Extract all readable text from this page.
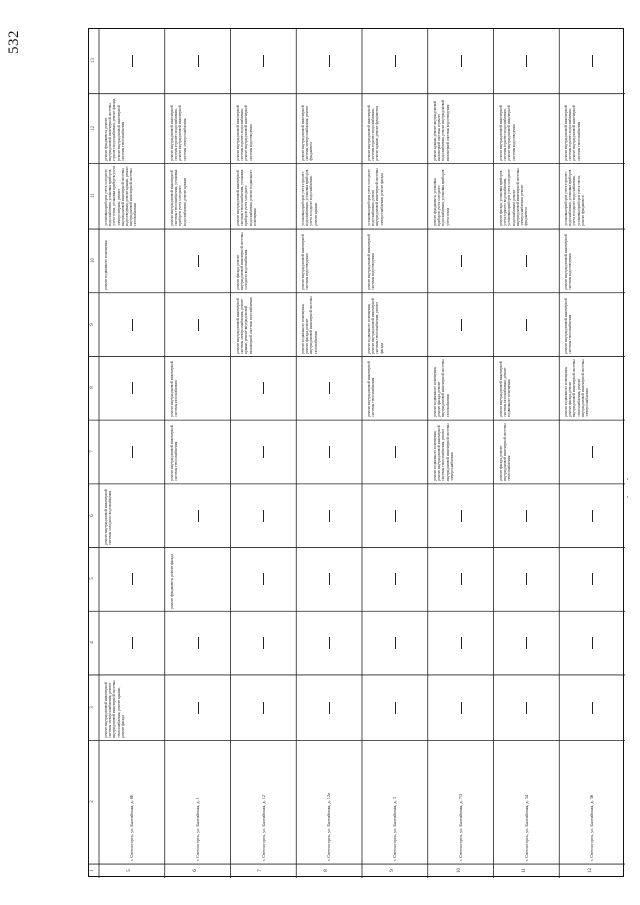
532
1
2
3
4
5
6
7
8
9
10
11
12
13
5
г. Светлогорск, ул. Балтийская, д. 8Е
ремонт внутридомовой инженерной системы электроснабжения, ремонт внутридомовой инженерной системы теплоснабжения, ремонт крыши, ремонт фасада
ремонт внутридомовой инженерной системы холодного водоснабжения
ремонт подвального помещения
установка приборов учета холодного водоснабжения, установка приборов учета тепла, установка приборов учета электроэнергии, ремонт внутридомовой инженерной системы водоотведения, ремонт крыши, ремонт внутридомовой инженерной системы газоснабжения
ремонт фундамента, ремонт внутридомовой инженерной системы горячего водоснабжения, ремонт фасада, ремонт внутридомовой инженерной системы теплоснабжения
6
г. Светлогорск, ул. Балтийская, д. 1
ремонт фундамента, ремонт фасада
ремонт внутридомовой инженерной системы теплоснабжения
ремонт внутридомовой инженерной системы газоснабжения
ремонт внутридомовой инженерной системы теплоснабжения, установка приборов учета холодного водоснабжения, ремонт крыши
ремонт внутридомовой инженерной системы горячего водоснабжения, ремонт внутридомовой инженерной системы электроснабжения
7
г. Светлогорск, ул. Балтийская, д. 12
ремонт внутридомовой инженерной системы электроснабжения, ремонт крыши, ремонт внутридомовой инженерной системы газоснабжения
ремонт фасада, ремонт внутридомовой инженерной системы холодного водоснабжения
ремонт внутридомовой инженерной системы теплоснабжения, установка приборов учета холодного водоснабжения, ремонт подвального помещения
ремонт внутридомовой инженерной системы горячего водоснабжения, ремонт внутридомовой инженерной системы водоотведения
8
г. Светлогорск, ул. Балтийская, д. 12а
ремонт подвального помещения, ремонт фасада, ремонт внутридомовой инженерной системы газоснабжения
ремонт внутридомовой инженерной системы водоотведения
установка приборов учета горячего водоснабжения, установка приборов учета холодного водоснабжения, ремонт крыши
ремонт внутридомовой инженерной системы электроснабжения, ремонт фундамента
9
г. Светлогорск, ул. Балтийская, д. 3
ремонт внутридомовой инженерной системы теплоснабжения
ремонт подвального помещения, ремонт внутридомовой инженерной системы теплоснабжения, ремонт фасада
ремонт внутридомовой инженерной системы водоотведения
установка приборов учета холодного водоснабжения, ремонт внутридомовой инженерной системы электроснабжения, ремонт фасада
ремонт внутридомовой инженерной системы горячего водоснабжения, ремонт крыши, ремонт фундамента
10
г. Светлогорск, ул. Балтийская, д. 7/2
ремонт подвального помещения, ремонт внутридомовой инженерной системы теплоснабжения, ремонт внутридомовой инженерной системы электроснабжения
ремонт подвального помещения, ремонт фасада, ремонт внутридомовой инженерной системы газоснабжения
ремонт фундамента, установка приборов учета холодного водоснабжения, установка приборов учета тепла
ремонт крыши, ремонт внутридомовой инженерной системы горячего водоснабжения, ремонт внутридомовой инженерной системы водоотведения
11
г. Светлогорск, ул. Балтийская, д. 34
ремонт фасада, ремонт внутридомовой инженерной системы теплоснабжения
ремонт внутридомовой инженерной системы газоснабжения, ремонт подвального помещения
ремонт фасада, установка приборов учета горячего водоснабжения, установка приборов учета холодного водоснабжения, ремонт внутридомовой инженерной системы электроснабжения, ремонт фундамента
ремонт внутридомовой инженерной системы горячего водоснабжения, ремонт внутридомовой инженерной системы водоотведения
12
г. Светлогорск, ул. Балтийская, д. 36
ремонт подвального помещения, ремонт фасада, ремонт внутридомовой инженерной системы теплоснабжения, ремонт внутридомовой инженерной системы электроснабжения
ремонт внутридомовой инженерной системы теплоснабжения
ремонт внутридомовой инженерной системы водоотведения
установка приборов учета горячего водоснабжения, установка приборов учета холодного водоснабжения, установка приборов учета тепла, ремонт фундамента
ремонт внутридомовой инженерной системы горячего водоснабжения, ремонт внутридомовой инженерной системы теплоснабжения
